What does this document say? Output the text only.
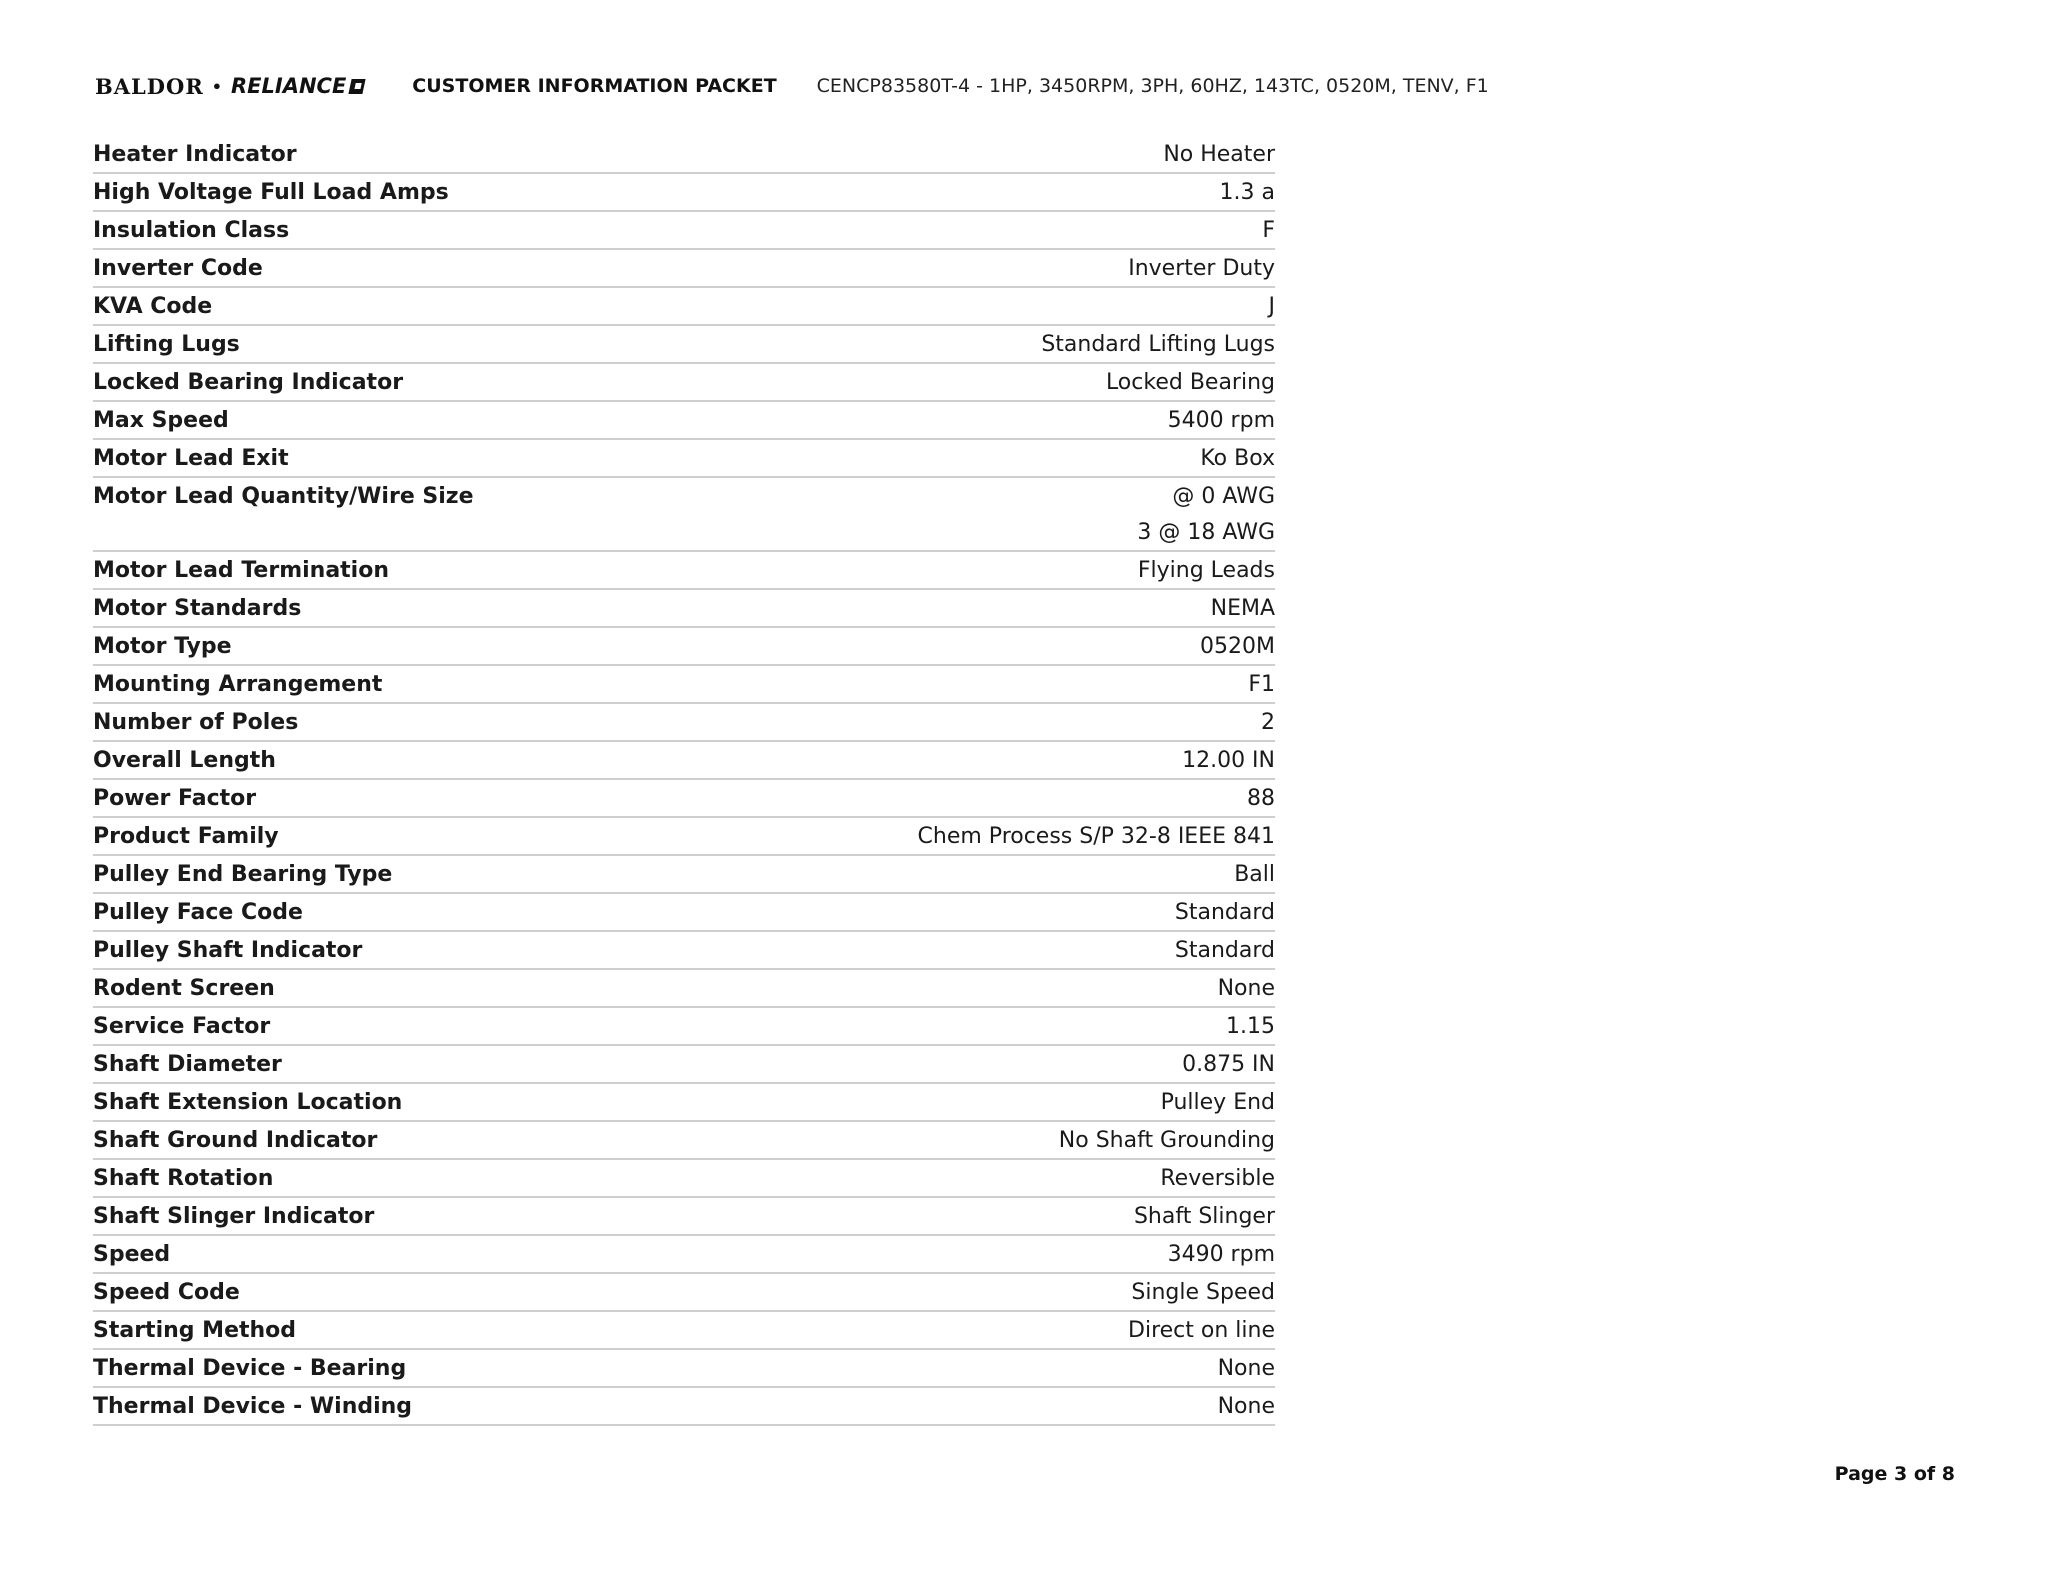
BALDOR • RELIANCE	CUSTOMER INFORMATION PACKET CENCP83580T-4 - 1HP, 3450RPM, 3PH, 60HZ, 143TC, 0520M, TENV, F1
Heater Indicator	No Heater
High Voltage Full Load Amps	1.3 a
Insulation Class	F
Inverter Code	Inverter Duty
KVA Code	J
Lifting Lugs	Standard Lifting Lugs
Locked Bearing Indicator	Locked Bearing
Max Speed	5400 rpm
Motor Lead Exit	Ko Box
Motor Lead Quantity/Wire Size	@ 0 AWG
3 @ 18 AWG
Motor Lead Termination	Flying Leads
Motor Standards	NEMA
Motor Type	0520M
Mounting Arrangement	F1
Number of Poles	2
Overall Length	12.00 IN
Power Factor	88
Product Family	Chem Process S/P 32-8 IEEE 841
Pulley End Bearing Type	Ball
Pulley Face Code	Standard
Pulley Shaft Indicator	Standard
Rodent Screen	None
Service Factor	1.15
Shaft Diameter	0.875 IN
Shaft Extension Location	Pulley End
Shaft Ground Indicator	No Shaft Grounding
Shaft Rotation	Reversible
Shaft Slinger Indicator	Shaft Slinger
Speed	3490 rpm
Speed Code	Single Speed
Starting Method	Direct on line
Thermal Device - Bearing	None
Thermal Device - Winding	None
Page 3 of 8
